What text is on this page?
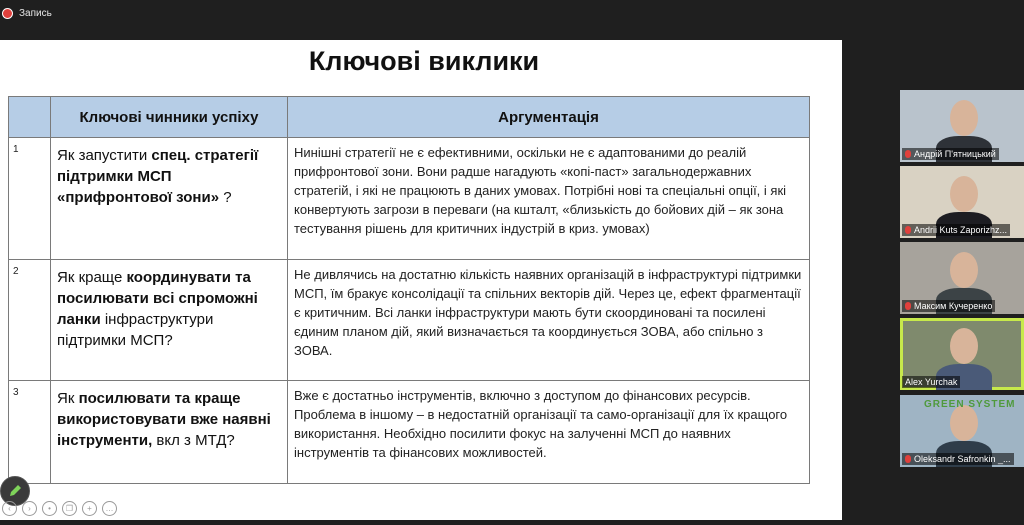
Запись
Ключові виклики
	Ключові чинники успіху	Аргументація
1	Як запустити спец. стратегії підтримки МСП «прифронтової зони» ?	Нинішні стратегії не є ефективними, оскільки не є адаптованими до реалій прифронтової зони. Вони радше нагадують «копі-паст» загальнодержавних стратегій, і які не працюють в даних умовах. Потрібні нові та спеціальні опції, і які конвертують загрози в переваги (на кшталт, «близькість до бойових дій – як зона тестування рішень для критичних індустрій в криз. умовах)
2	Як краще координувати та посилювати всі спроможні ланки інфраструктури підтримки МСП?	Не дивлячись на достатню кількість наявних організацій в інфраструктурі підтримки МСП, їм бракує консолідації та спільних векторів дій. Через це, ефект фрагментації є критичним. Всі ланки інфраструктури мають бути скоординовані та посилені єдиним планом дій, який визначається та координується ЗОВА, або спільно з ЗОВА.
3	Як посилювати та краще використовувати вже наявні інструменти, вкл з МТД?	Вже є достатньо інструментів, включно з доступом до фінансових ресурсів. Проблема в іншому – в недостатній організації та само-організації для їх кращого використання. Необхідно посилити фокус на залученні МСП до наявних інструментів та фінансових можливостей.
‹	›	•	❐	+	…
Андрій П'ятницький
Andrii Kuts Zaporizhz...
Максим Кучеренко
Alex Yurchak
GREEN SYSTEM
Oleksandr Safronkin _...
